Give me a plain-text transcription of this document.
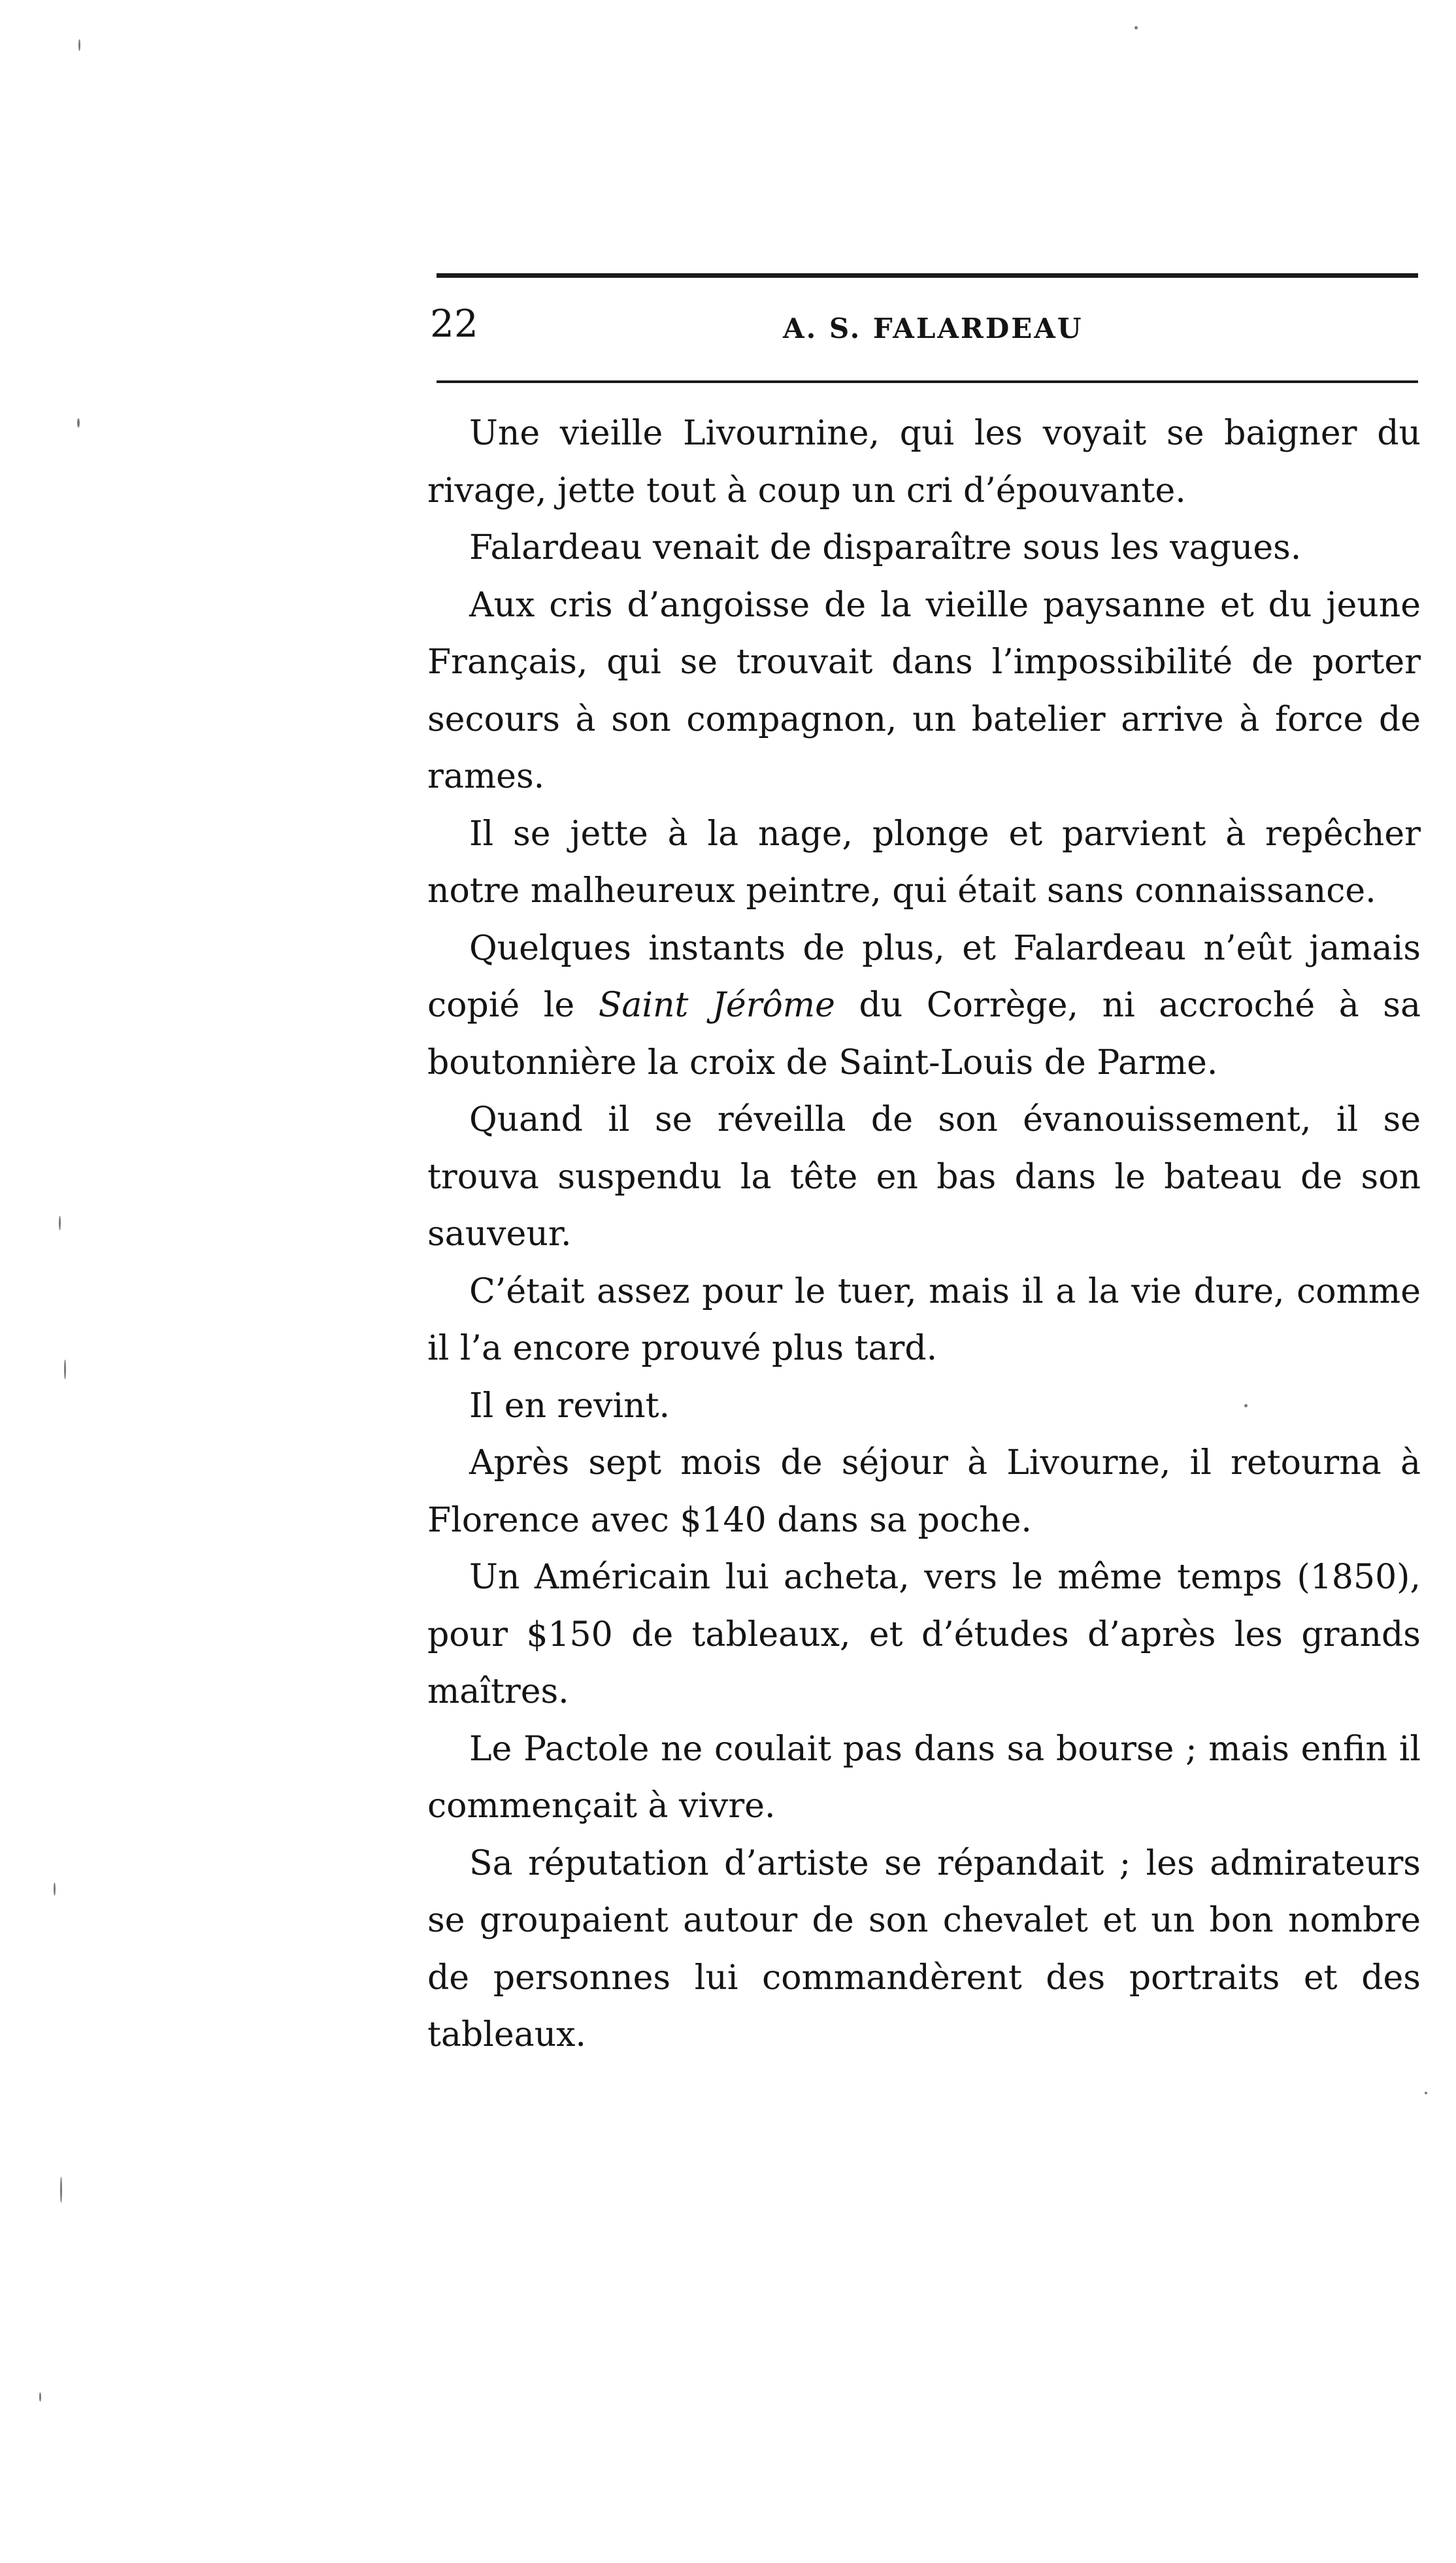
22	A. S. FALARDEAU

Une vieille Livournine, qui les voyait se baigner du rivage, jette tout à coup un cri d’épouvante.

Falardeau venait de disparaître sous les vagues.

Aux cris d’angoisse de la vieille paysanne et du jeune Français, qui se trouvait dans l’impossibilité de porter secours à son compagnon, un batelier arrive à force de rames.

Il se jette à la nage, plonge et parvient à repêcher notre malheureux peintre, qui était sans connaissance.

Quelques instants de plus, et Falardeau n’eût jamais copié le Saint Jérôme du Corrège, ni accroché à sa boutonnière la croix de Saint-Louis de Parme.

Quand il se réveilla de son évanouissement, il se trouva suspendu la tête en bas dans le bateau de son sauveur.

C’était assez pour le tuer, mais il a la vie dure, comme il l’a encore prouvé plus tard.

Il en revint.

Après sept mois de séjour à Livourne, il retourna à Florence avec $140 dans sa poche.

Un Américain lui acheta, vers le même temps (1850), pour $150 de tableaux, et d’études d’après les grands maîtres.

Le Pactole ne coulait pas dans sa bourse ; mais enfin il commençait à vivre.

Sa réputation d’artiste se répandait ; les admirateurs se groupaient autour de son chevalet et un bon nombre de personnes lui commandèrent des portraits et des tableaux.
